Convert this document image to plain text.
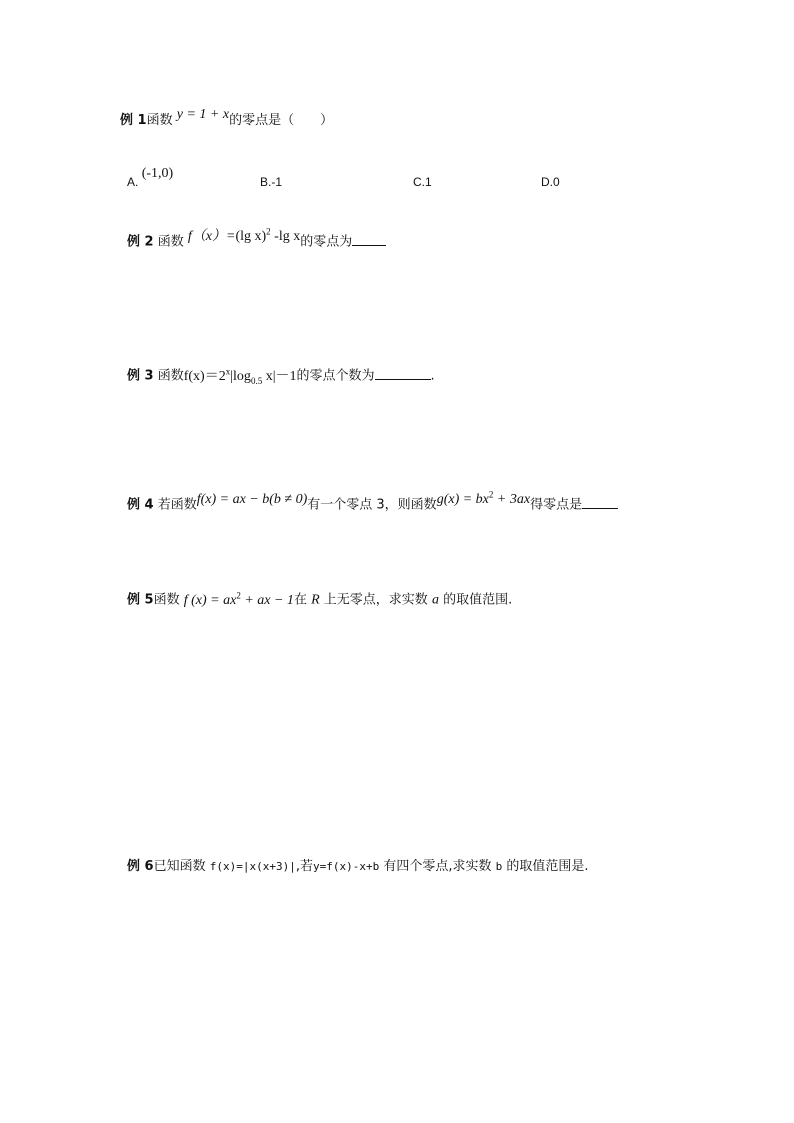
例 1函数 y = 1 + x的零点是（　　）
A. (-1,0)
B.-1	C.1	D.0
例 2 函数 f（x）=(lg x)$^2$ -lg x的零点为
例 3 函数$f(x)=2^x|\log_{0.5}$ x|－1的零点个数为	.
例 4 若函数f(x) = ax − b(b ≠ 0)有一个零点 3，则函数$g(x) = bx^2 + 3ax$得零点是
例 5函数 f $(x) = ax^2$ + ax − 1在 R 上无零点，求实数 a 的取值范围.
例 6已知函数 f(x)=|x(x+3)|,若y=f(x)-x+b 有四个零点,求实数 b 的取值范围是.
